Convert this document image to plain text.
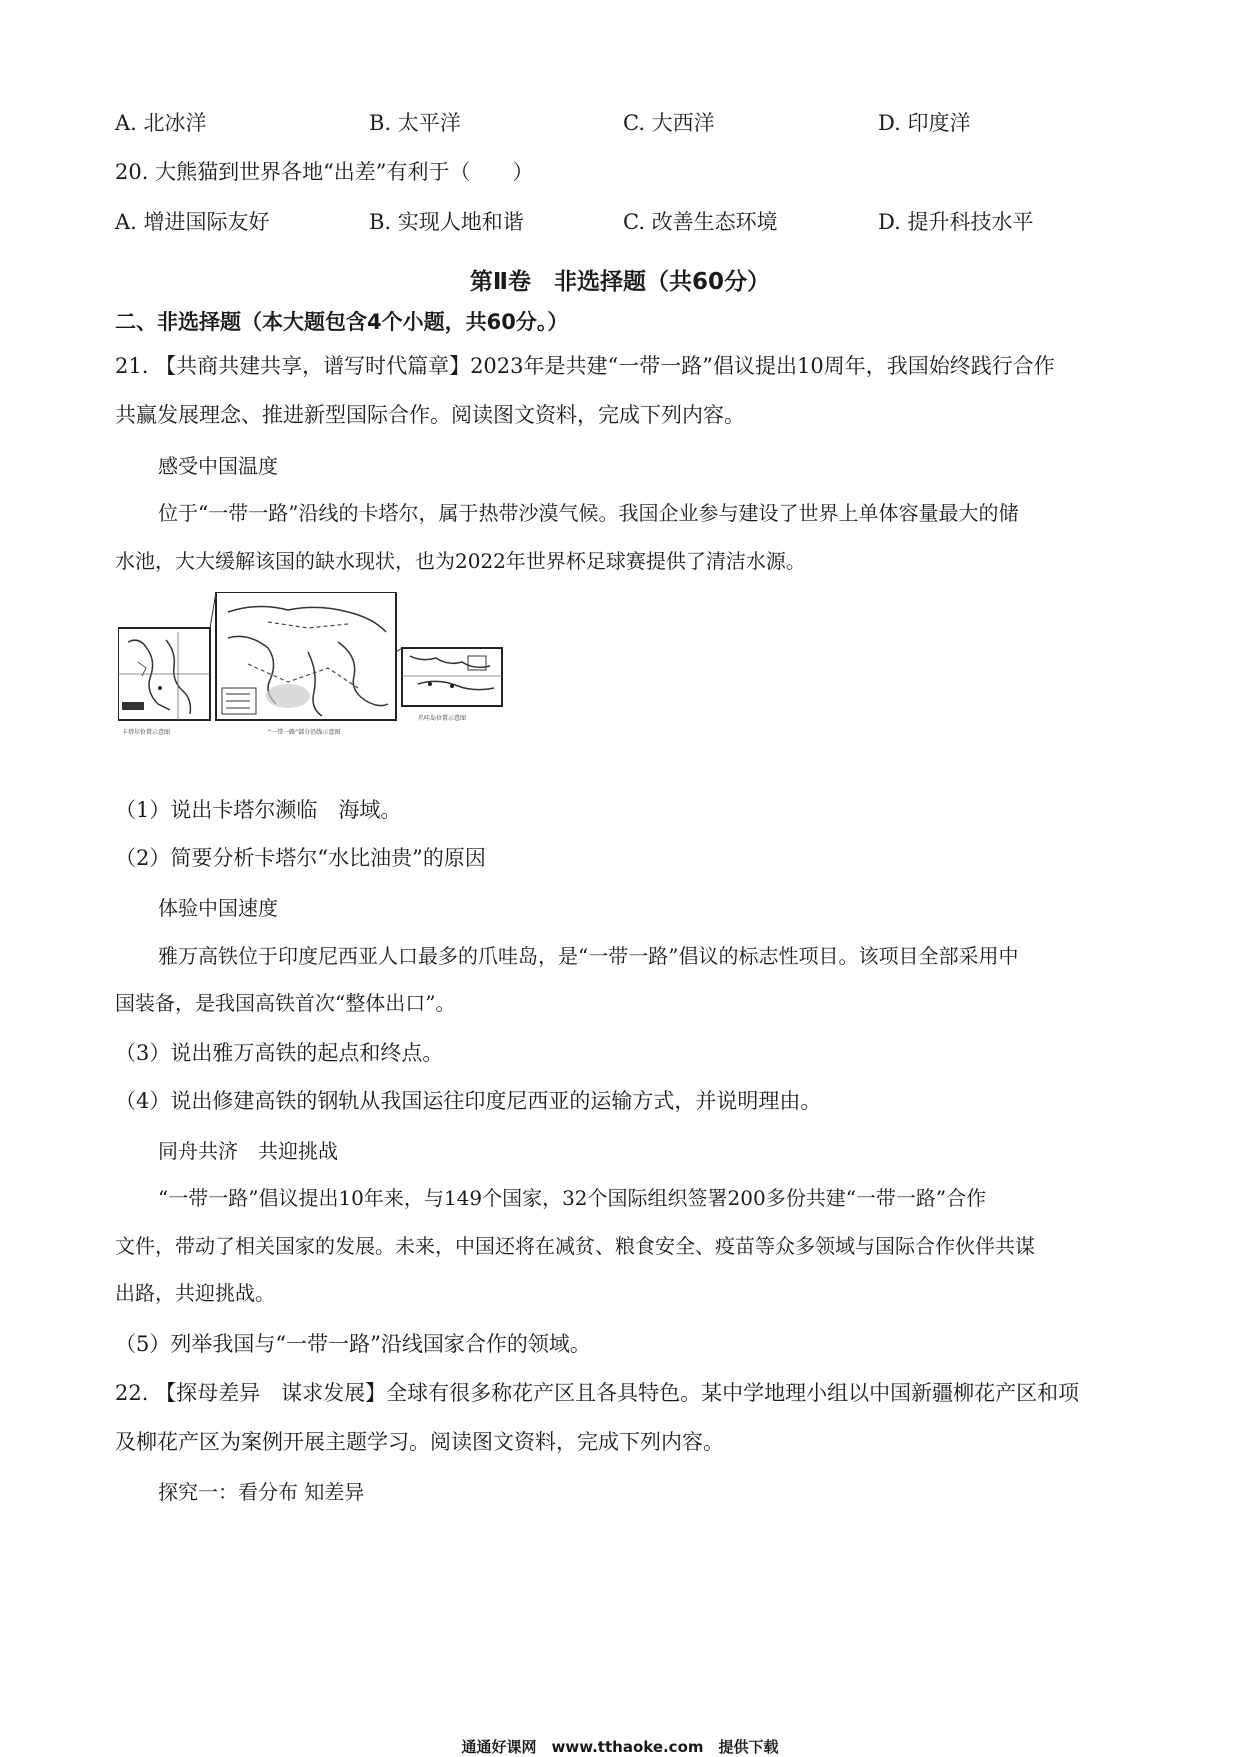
A. 北冰洋	B. 太平洋	C. 大西洋	D. 印度洋
20. 大熊猫到世界各地“出差”有利于（　　）
A. 增进国际友好	B. 实现人地和谐	C. 改善生态环境	D. 提升科技水平
第Ⅱ卷　非选择题（共60分）
二、非选择题（本大题包含4个小题，共60分。）
21. 【共商共建共享，谱写时代篇章】2023年是共建“一带一路”倡议提出10周年，我国始终践行合作
共赢发展理念、推进新型国际合作。阅读图文资料，完成下列内容。
感受中国温度
位于“一带一路”沿线的卡塔尔，属于热带沙漠气候。我国企业参与建设了世界上单体容量最大的储
水池，大大缓解该国的缺水现状，也为2022年世界杯足球赛提供了清洁水源。
卡塔尔位置示意图	“一带一路”部分沿线示意图
爪哇岛位置示意图
（1）说出卡塔尔濒临　海域。
（2）简要分析卡塔尔“水比油贵”的原因
体验中国速度
雅万高铁位于印度尼西亚人口最多的爪哇岛，是“一带一路”倡议的标志性项目。该项目全部采用中
国装备，是我国高铁首次“整体出口”。
（3）说出雅万高铁的起点和终点。
（4）说出修建高铁的钢轨从我国运往印度尼西亚的运输方式，并说明理由。
同舟共济　共迎挑战
“一带一路”倡议提出10年来，与149个国家，32个国际组织签署200多份共建“一带一路”合作
文件，带动了相关国家的发展。未来，中国还将在减贫、粮食安全、疫苗等众多领域与国际合作伙伴共谋
出路，共迎挑战。
（5）列举我国与“一带一路”沿线国家合作的领域。
22. 【探母差异　谋求发展】全球有很多称花产区且各具特色。某中学地理小组以中国新疆柳花产区和项
及柳花产区为案例开展主题学习。阅读图文资料，完成下列内容。
探究一：看分布 知差异
通通好课网　www.tthaoke.com　提供下载
